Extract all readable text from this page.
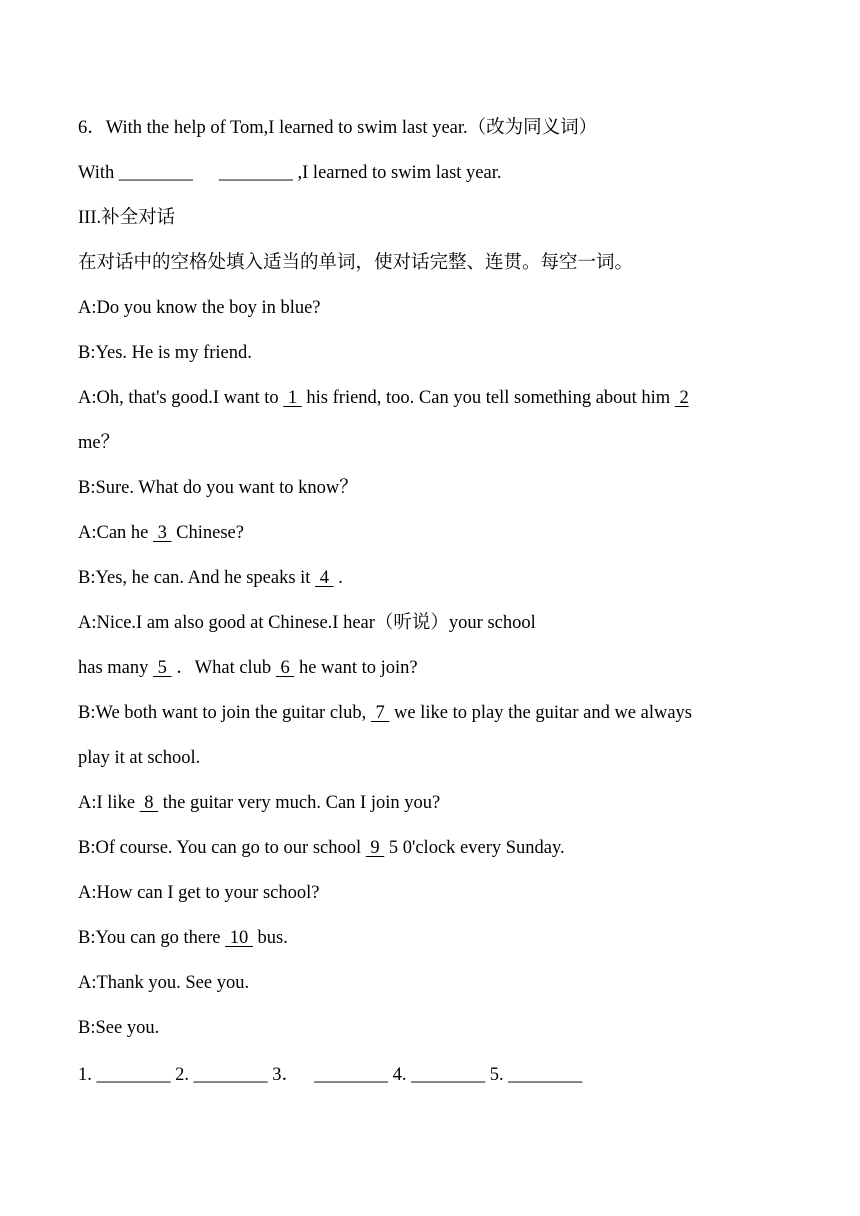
6．With the help of Tom,I learned to swim last year.（改为同义词）
With ________ ________ ,I learned to swim last year.
III.补全对话
在对话中的空格处填入适当的单词，使对话完整、连贯。每空一词。
A:Do you know the boy in blue?
B:Yes. He is my friend.
A:Oh, that's good.I want to  1  his friend, too. Can you tell something about him  2
me？
B:Sure. What do you want to know？
A:Can he  3  Chinese?
B:Yes, he can. And he speaks it  4  .
A:Nice.I am also good at Chinese.I hear（听说）your school
has many  5  ．What club  6  he want to join?
B:We both want to join the guitar club,  7  we like to play the guitar and we always
play it at school.
A:I like  8  the guitar very much. Can I join you?
B:Of course. You can go to our school  9  5 0'clock every Sunday.
A:How can I get to your school?
B:You can go there  10  bus.
A:Thank you. See you.
B:See you.
1. ________ 2. ________ 3． ________ 4. ________ 5. ________
